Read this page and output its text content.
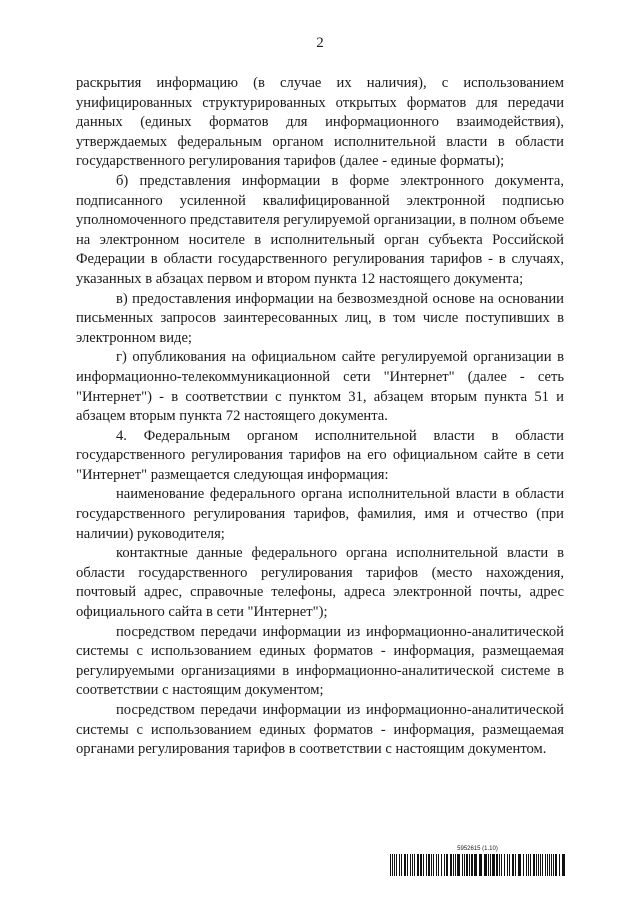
2

раскрытия информацию (в случае их наличия), с использованием унифицированных структурированных открытых форматов для передачи данных (единых форматов для информационного взаимодействия), утверждаемых федеральным органом исполнительной власти в области государственного регулирования тарифов (далее - единые форматы);

б) представления информации в форме электронного документа, подписанного усиленной квалифицированной электронной подписью уполномоченного представителя регулируемой организации, в полном объеме на электронном носителе в исполнительный орган субъекта Российской Федерации в области государственного регулирования тарифов - в случаях, указанных в абзацах первом и втором пункта 12 настоящего документа;

в) предоставления информации на безвозмездной основе на основании письменных запросов заинтересованных лиц, в том числе поступивших в электронном виде;

г) опубликования на официальном сайте регулируемой организации в информационно-телекоммуникационной сети "Интернет" (далее - сеть "Интернет") - в соответствии с пунктом 31, абзацем вторым пункта 51 и абзацем вторым пункта 72 настоящего документа.

4. Федеральным органом исполнительной власти в области государственного регулирования тарифов на его официальном сайте в сети "Интернет" размещается следующая информация:

наименование федерального органа исполнительной власти в области государственного регулирования тарифов, фамилия, имя и отчество (при наличии) руководителя;

контактные данные федерального органа исполнительной власти в области государственного регулирования тарифов (место нахождения, почтовый адрес, справочные телефоны, адреса электронной почты, адрес официального сайта в сети "Интернет");

посредством передачи информации из информационно-аналитической системы с использованием единых форматов - информация, размещаемая регулируемыми организациями в информационно-аналитической системе в соответствии с настоящим документом;

посредством передачи информации из информационно-аналитической системы с использованием единых форматов - информация, размещаемая органами регулирования тарифов в соответствии с настоящим документом.

5952615 (1.10)
